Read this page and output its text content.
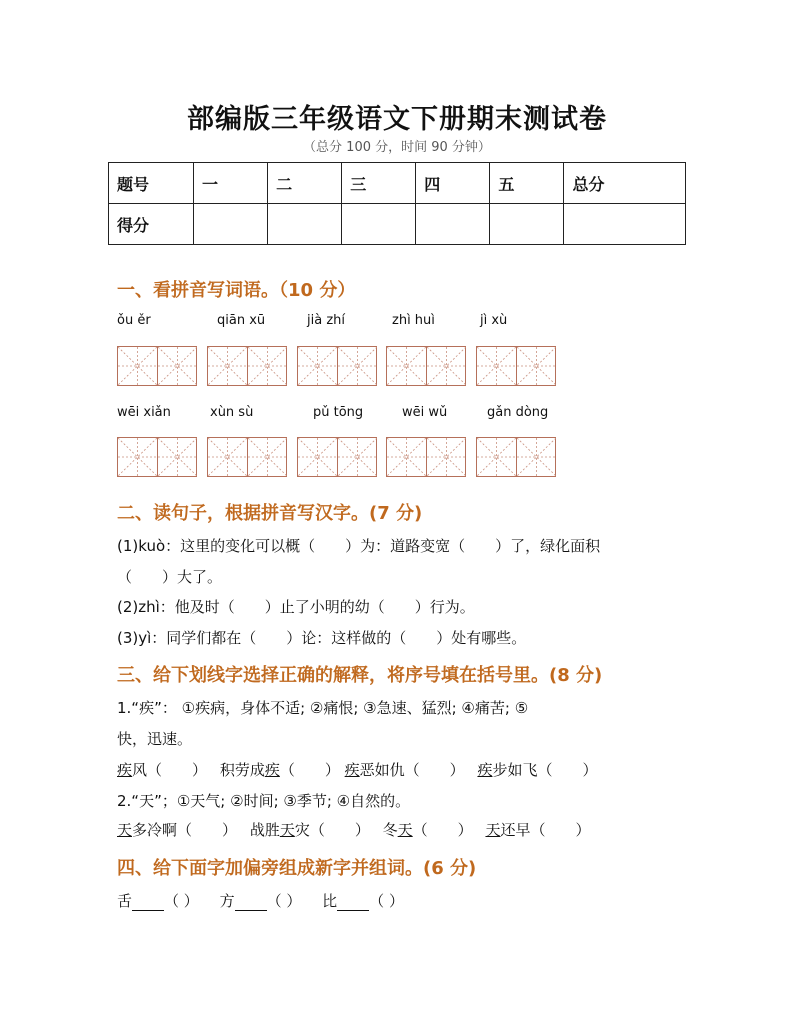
部编版三年级语文下册期末测试卷
（总分 100 分，时间 90 分钟）
题号	一	二	三	四	五	总分
得分						
一、看拼音写词语。（10 分）
ǒu ěr	qiān xū	jià zhí	zhì huì	jì xù
wēi xiǎn	xùn sù	pǔ tōng	wēi wǔ	gǎn dòng
二、读句子，根据拼音写汉字。(7 分)
(1)kuò：这里的变化可以概（　　）为：道路变宽（　　）了，绿化面积
（　　）大了。
(2)zhì：他及时（　　）止了小明的幼（　　）行为。
(3)yì：同学们都在（　　）论：这样做的（　　）处有哪些。
三、给下划线字选择正确的解释，将序号填在括号里。(8 分)
1.“疾”： ①疾病，身体不适; ②痛恨; ③急速、猛烈; ④痛苦; ⑤
快，迅速。
疾风（　　） 积劳成疾（　　） 疾恶如仇（　　） 疾步如飞（　　）
2.“天”；①天气; ②时间; ③季节; ④自然的。
天多冷啊（　　） 战胜天灾（　　） 冬天（　　） 天还早（　　）
四、给下面字加偏旁组成新字并组词。(6 分)
舌 （ ） 方 （ ） 比 （ ）
